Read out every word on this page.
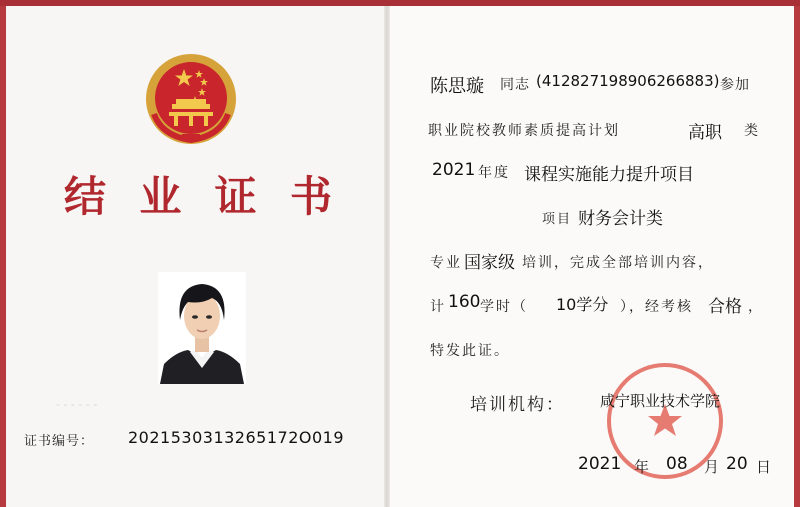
结 业 证 书
- - - - - -
证书编号： 2021530313265172O019
陈思璇 同志 (412827198906266883) 参加
职业院校教师素质提高计划	高职 类
2021 年度 课程实施能力提升项目
项目 财务会计类
专业 国家级 培训，完成全部培训内容，
计 160 学时（ 10学分 ），经考核 合格 ，
特发此证。
培训机构： 咸宁职业技术学院
2021 年 08 月 20 日
